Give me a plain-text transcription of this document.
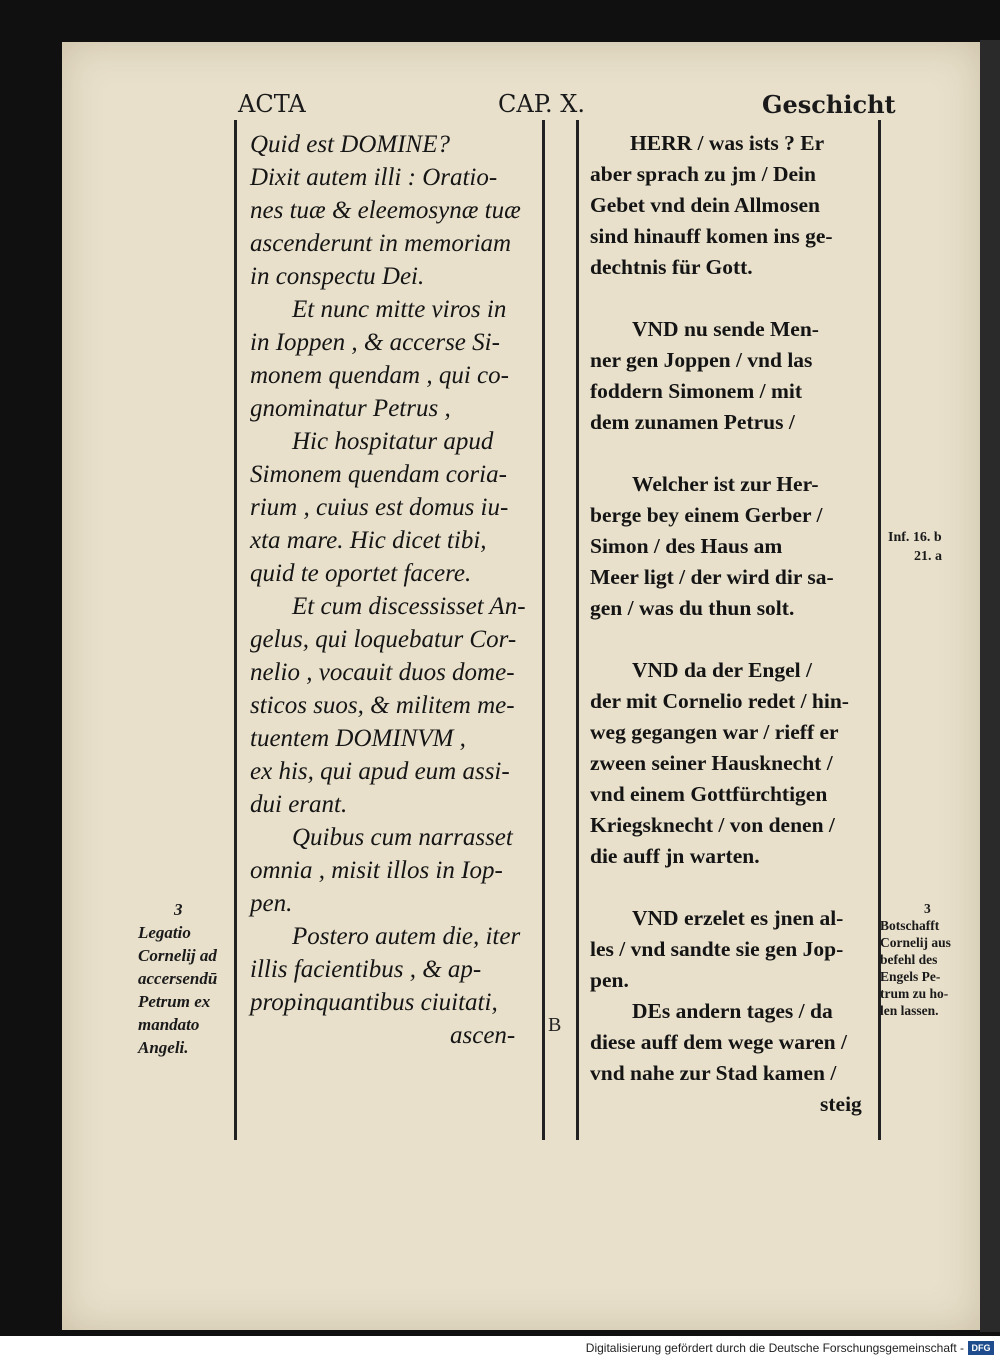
ACTA	CAP. X.	Geschicht
Quid est DOMINE?
Dixit autem illi : Oratio-
nes tuæ & eleemosynæ tuæ
ascenderunt in memoriam
in conspectu Dei.
Et nunc mitte viros in
in Ioppen , & accerse Si-
monem quendam , qui co-
gnominatur Petrus ,
Hic hospitatur apud
Simonem quendam coria-
rium , cuius est domus iu-
xta mare. Hic dicet tibi,
quid te oportet facere.
Et cum discessisset An-
gelus, qui loquebatur Cor-
nelio , vocauit duos dome-
sticos suos, & militem me-
tuentem DOMINVM ,
ex his, qui apud eum assi-
dui erant.
Quibus cum narrasset
omnia , misit illos in Iop-
pen.
Postero autem die, iter
illis facientibus , & ap-
propinquantibus ciuitati,
ascen-
HERR / was ists ? Er
aber sprach zu jm / Dein
Gebet vnd dein Allmosen
sind hinauff komen ins ge-
dechtnis für Gott.
VND nu sende Men-
ner gen Joppen / vnd las
foddern Simonem / mit
dem zunamen Petrus /
Welcher ist zur Her-
berge bey einem Gerber /
Simon / des Haus am
Meer ligt / der wird dir sa-
gen / was du thun solt.
VND da der Engel /
der mit Cornelio redet / hin-
weg gegangen war / rieff er
zween seiner Hausknecht /
vnd einem Gottfürchtigen
Kriegsknecht / von denen /
die auff jn warten.
VND erzelet es jnen al-
les / vnd sandte sie gen Jop-
pen.
DEs andern tages / da
diese auff dem wege waren /
vnd nahe zur Stad kamen /
steig
Inf. 16. b
21. a
3
Legatio
Cornelij ad
accersendū
Petrum ex
mandato
Angeli.
3
Botschafft
Cornelij aus
befehl des
Engels Pe-
trum zu ho-
len lassen.
B
Digitalisierung gefördert durch die Deutsche Forschungsgemeinschaft - DFG
